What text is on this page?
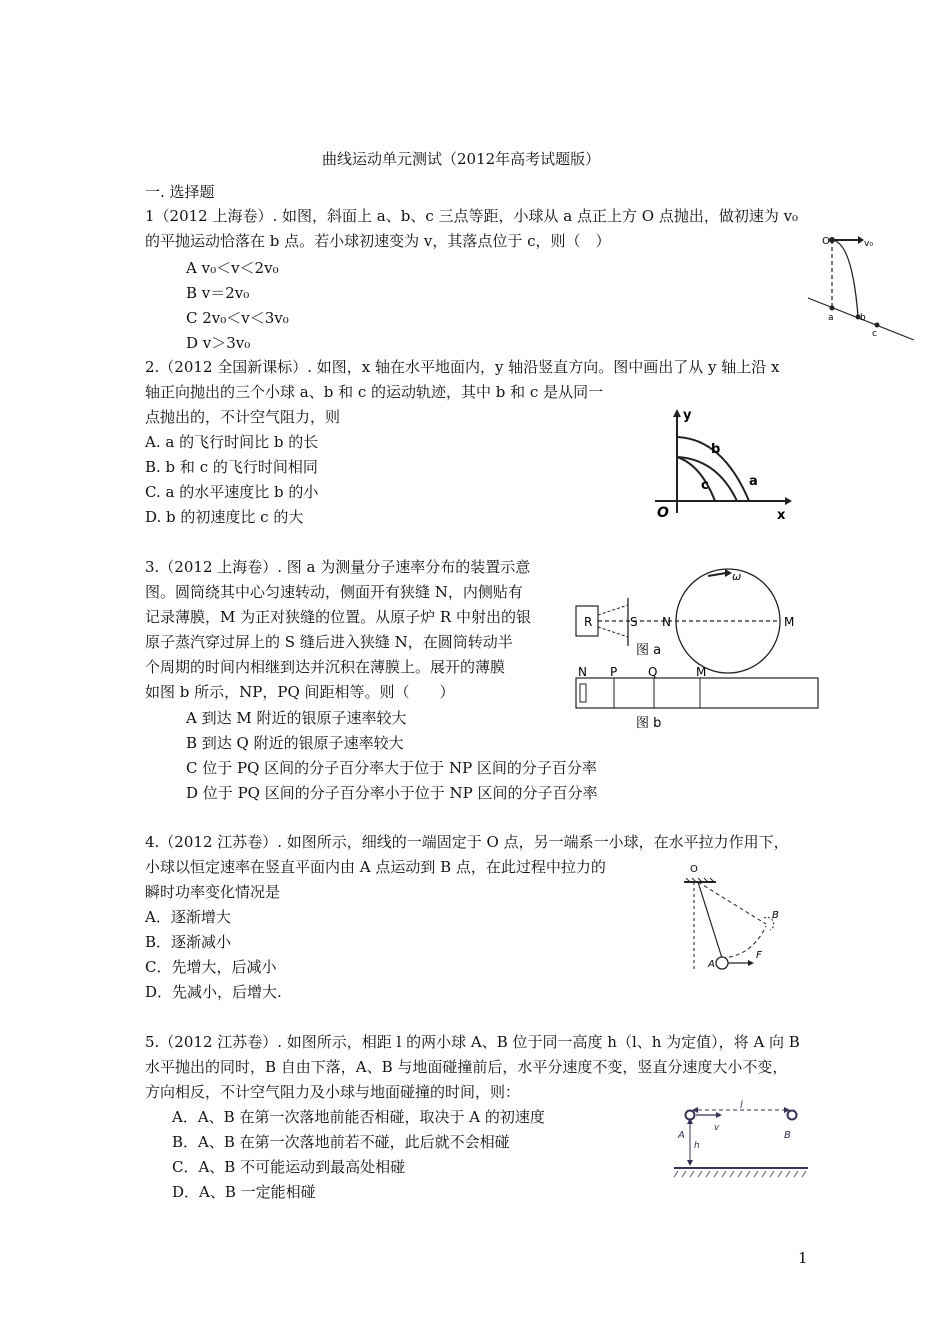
曲线运动单元测试（2012年高考试题版）
一. 选择题
1（2012 上海卷）. 如图，斜面上 a、b、c 三点等距，小球从 a 点正上方 O 点抛出，做初速为 v₀
的平抛运动恰落在 b 点。若小球初速变为 v，其落点位于 c，则（　）
A v₀＜v＜2v₀
B v＝2v₀
C 2v₀＜v＜3v₀
D v＞3v₀
O	v₀
a	b
c
2.（2012 全国新课标）. 如图，x 轴在水平地面内，y 轴沿竖直方向。图中画出了从 y 轴上沿 x
轴正向抛出的三个小球 a、b 和 c 的运动轨迹，其中 b 和 c 是从同一
点抛出的，不计空气阻力，则
A. a 的飞行时间比 b 的长
B. b 和 c 的飞行时间相同
C. a 的水平速度比 b 的小
D. b 的初速度比 c 的大
y
x
O
b
a
c
3.（2012 上海卷）. 图 a 为测量分子速率分布的装置示意
图。圆筒绕其中心匀速转动，侧面开有狭缝 N，内侧贴有
记录薄膜，M 为正对狭缝的位置。从原子炉 R 中射出的银
原子蒸汽穿过屏上的 S 缝后进入狭缝 N，在圆筒转动半
个周期的时间内相继到达并沉积在薄膜上。展开的薄膜
如图 b 所示，NP，PQ 间距相等。则（　　）
A 到达 M 附近的银原子速率较大
B 到达 Q 附近的银原子速率较大
C 位于 PQ 区间的分子百分率大于位于 NP 区间的分子百分率
D 位于 PQ 区间的分子百分率小于位于 NP 区间的分子百分率
R	S N	M
ω
图 a
N P	Q	M
图 b
4.（2012 江苏卷）. 如图所示，细线的一端固定于 O 点，另一端系一小球，在水平拉力作用下，
小球以恒定速率在竖直平面内由 A 点运动到 B 点，在此过程中拉力的
瞬时功率变化情况是
A．逐渐增大
B．逐渐减小
C．先增大，后减小
D．先减小，后增大.
O
A
B
F
5.（2012 江苏卷）. 如图所示，相距 l 的两小球 A、B 位于同一高度 h（l、h 为定值），将 A 向 B
水平抛出的同时，B 自由下落，A、B 与地面碰撞前后，水平分速度不变，竖直分速度大小不变，
方向相反，不计空气阻力及小球与地面碰撞的时间，则：
A．A、B 在第一次落地前能否相碰，取决于 A 的初速度
B．A、B 在第一次落地前若不碰，此后就不会相碰
C．A、B 不可能运动到最高处相碰
D．A、B 一定能相碰
l
A	B
h
v
1
